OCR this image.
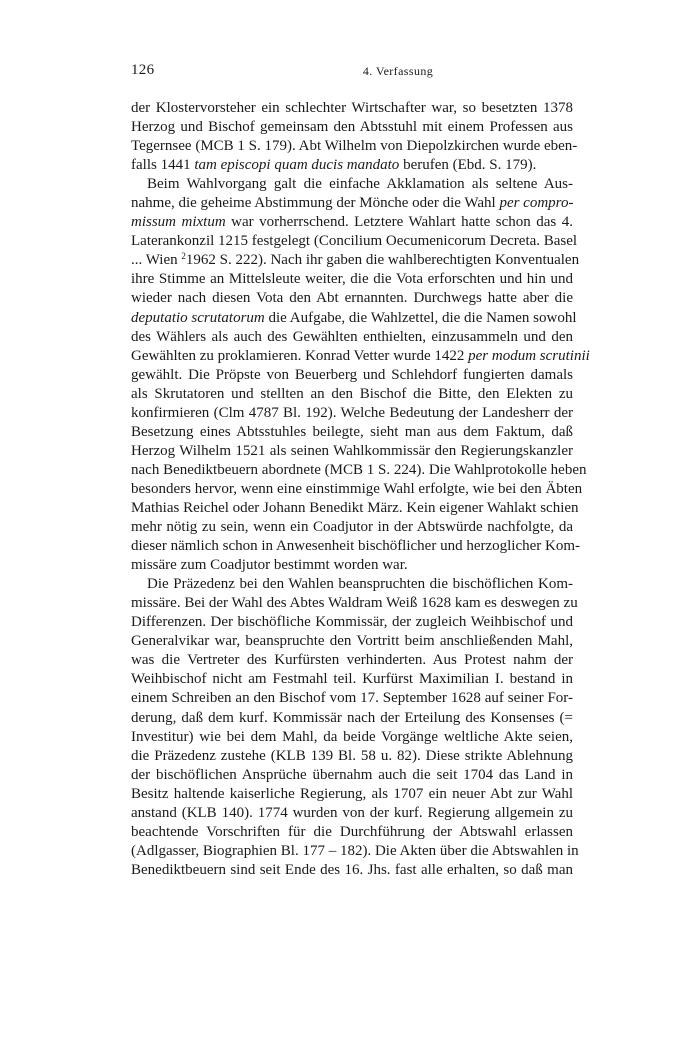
126	4. Verfassung

der Klostervorsteher ein schlechter Wirtschafter war, so besetzten 1378
Herzog und Bischof gemeinsam den Abtsstuhl mit einem Professen aus
Tegernsee (MCB 1 S. 179). Abt Wilhelm von Diepolzkirchen wurde eben-
falls 1441 tam episcopi quam ducis mandato berufen (Ebd. S. 179).

Beim Wahlvorgang galt die einfache Akklamation als seltene Aus-
nahme, die geheime Abstimmung der Mönche oder die Wahl per compro-
missum mixtum war vorherrschend. Letztere Wahlart hatte schon das 4.
Laterankonzil 1215 festgelegt (Concilium Oecumenicorum Decreta. Basel
... Wien $^2$1962 S. 222). Nach ihr gaben die wahlberechtigten Konventualen
ihre Stimme an Mittelsleute weiter, die die Vota erforschten und hin und
wieder nach diesen Vota den Abt ernannten. Durchwegs hatte aber die
deputatio scrutatorum die Aufgabe, die Wahlzettel, die die Namen sowohl
des Wählers als auch des Gewählten enthielten, einzusammeln und den
Gewählten zu proklamieren. Konrad Vetter wurde 1422 per modum scrutinii
gewählt. Die Pröpste von Beuerberg und Schlehdorf fungierten damals
als Skrutatoren und stellten an den Bischof die Bitte, den Elekten zu
konfirmieren (Clm 4787 Bl. 192). Welche Bedeutung der Landesherr der
Besetzung eines Abtsstuhles beilegte, sieht man aus dem Faktum, daß
Herzog Wilhelm 1521 als seinen Wahlkommissär den Regierungskanzler
nach Benediktbeuern abordnete (MCB 1 S. 224). Die Wahlprotokolle heben
besonders hervor, wenn eine einstimmige Wahl erfolgte, wie bei den Äbten
Mathias Reichel oder Johann Benedikt März. Kein eigener Wahlakt schien
mehr nötig zu sein, wenn ein Coadjutor in der Abtswürde nachfolgte, da
dieser nämlich schon in Anwesenheit bischöflicher und herzoglicher Kom-
missäre zum Coadjutor bestimmt worden war.

Die Präzedenz bei den Wahlen beanspruchten die bischöflichen Kom-
missäre. Bei der Wahl des Abtes Waldram Weiß 1628 kam es deswegen zu
Differenzen. Der bischöfliche Kommissär, der zugleich Weihbischof und
Generalvikar war, beanspruchte den Vortritt beim anschließenden Mahl,
was die Vertreter des Kurfürsten verhinderten. Aus Protest nahm der
Weihbischof nicht am Festmahl teil. Kurfürst Maximilian I. bestand in
einem Schreiben an den Bischof vom 17. September 1628 auf seiner For-
derung, daß dem kurf. Kommissär nach der Erteilung des Konsenses (=
Investitur) wie bei dem Mahl, da beide Vorgänge weltliche Akte seien,
die Präzedenz zustehe (KLB 139 Bl. 58 u. 82). Diese strikte Ablehnung
der bischöflichen Ansprüche übernahm auch die seit 1704 das Land in
Besitz haltende kaiserliche Regierung, als 1707 ein neuer Abt zur Wahl
anstand (KLB 140). 1774 wurden von der kurf. Regierung allgemein zu
beachtende Vorschriften für die Durchführung der Abtswahl erlassen
(Adlgasser, Biographien Bl. 177 – 182). Die Akten über die Abtswahlen in
Benediktbeuern sind seit Ende des 16. Jhs. fast alle erhalten, so daß man
